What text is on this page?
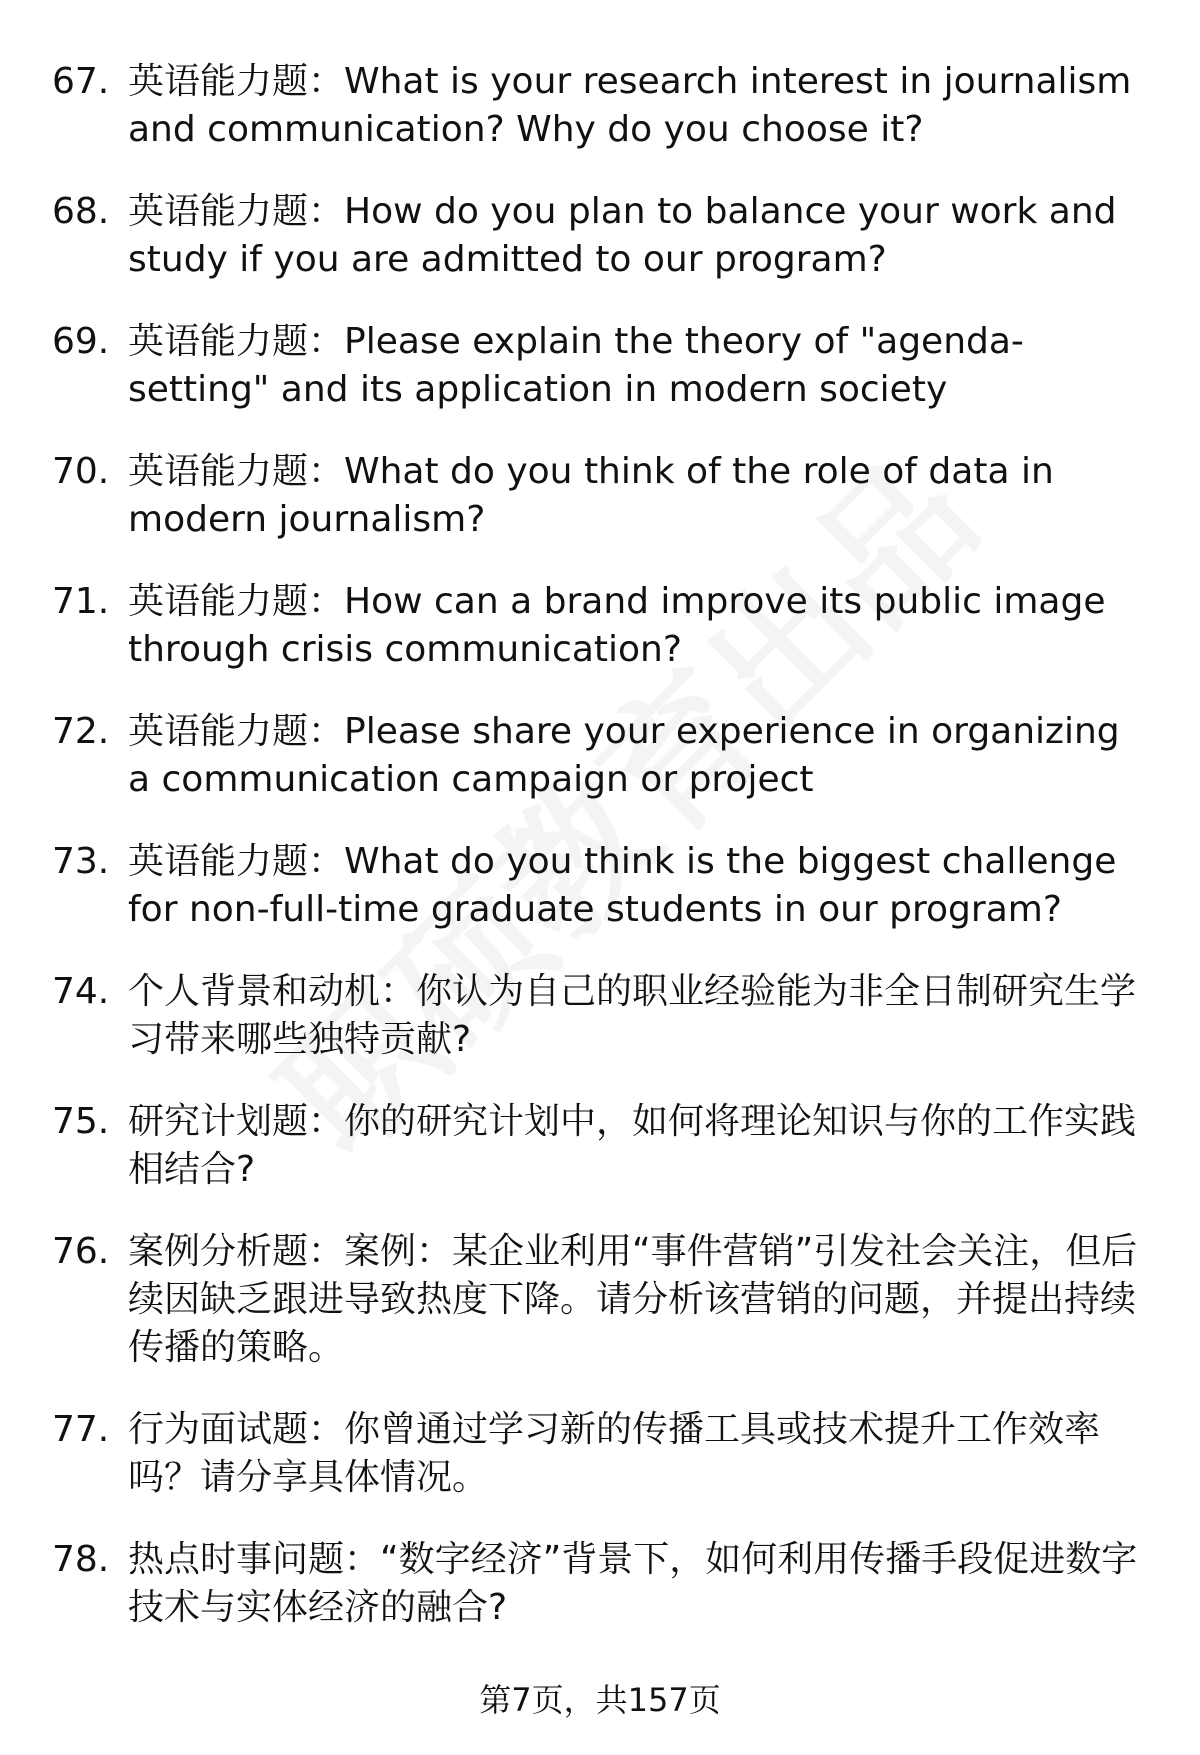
67. 英语能力题：What is your research interest in journalism and communication? Why do you choose it?
68. 英语能力题：How do you plan to balance your work and study if you are admitted to our program?
69. 英语能力题：Please explain the theory of "agenda-setting" and its application in modern society
70. 英语能力题：What do you think of the role of data in modern journalism?
71. 英语能力题：How can a brand improve its public image through crisis communication?
72. 英语能力题：Please share your experience in organizing a communication campaign or project
73. 英语能力题：What do you think is the biggest challenge for non-full-time graduate students in our program?
74. 个人背景和动机：你认为自己的职业经验能为非全日制研究生学习带来哪些独特贡献?
75. 研究计划题：你的研究计划中，如何将理论知识与你的工作实践相结合?
76. 案例分析题：案例：某企业利用“事件营销”引发社会关注，但后续因缺乏跟进导致热度下降。请分析该营销的问题，并提出持续传播的策略。
77. 行为面试题：你曾通过学习新的传播工具或技术提升工作效率吗？请分享具体情况。
78. 热点时事问题：“数字经济”背景下，如何利用传播手段促进数字技术与实体经济的融合?
第7页，共157页
